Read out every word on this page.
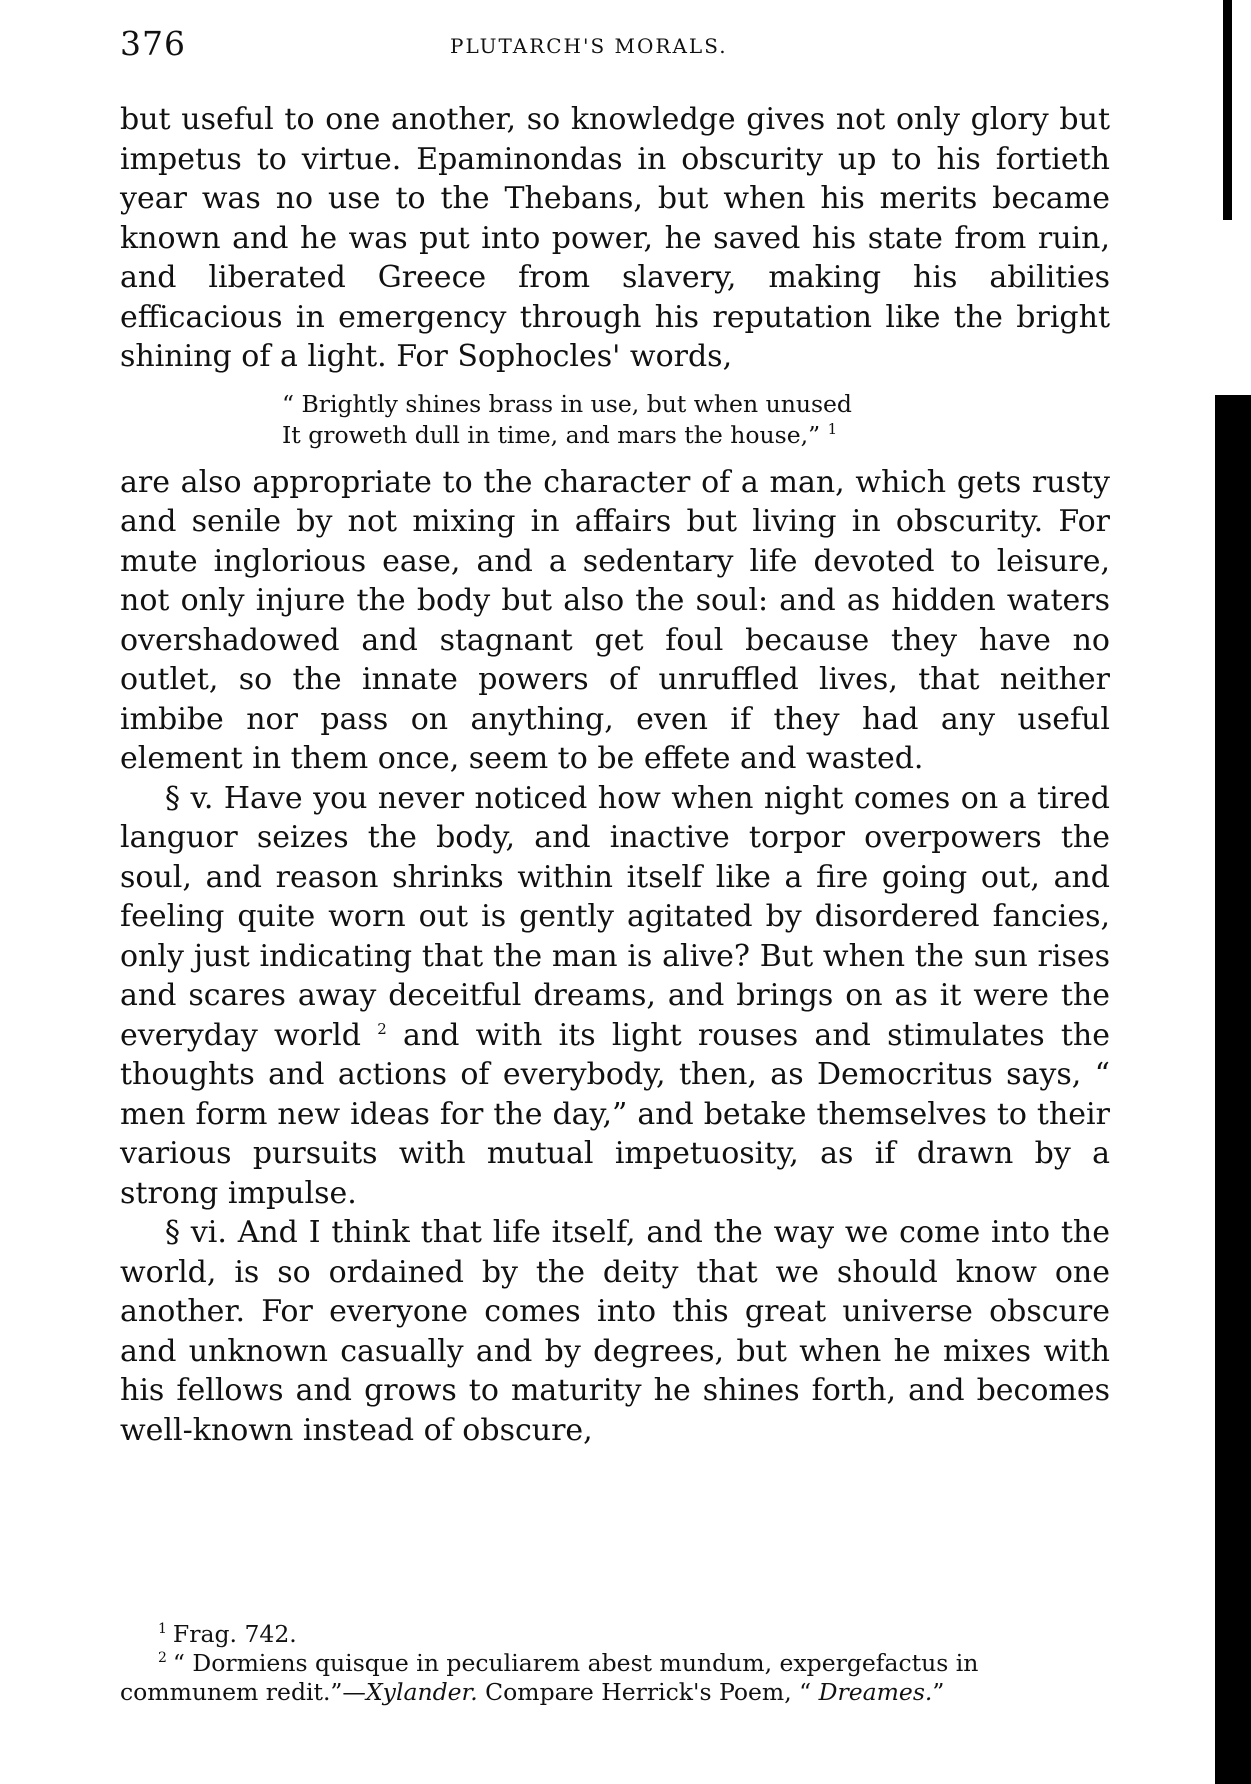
376	PLUTARCH'S MORALS.

but useful to one another, so knowledge gives not only glory but impetus to virtue. Epaminondas in obscurity up to his fortieth year was no use to the Thebans, but when his merits became known and he was put into power, he saved his state from ruin, and liberated Greece from slavery, making his abilities efficacious in emergency through his reputation like the bright shining of a light. For Sophocles' words,

“ Brightly shines brass in use, but when unused
It groweth dull in time, and mars the house,” $^1$

are also appropriate to the character of a man, which gets rusty and senile by not mixing in affairs but living in obscurity. For mute inglorious ease, and a sedentary life devoted to leisure, not only injure the body but also the soul: and as hidden waters overshadowed and stagnant get foul because they have no outlet, so the innate powers of unruffled lives, that neither imbibe nor pass on anything, even if they had any useful element in them once, seem to be effete and wasted.

§ v. Have you never noticed how when night comes on a tired languor seizes the body, and inactive torpor overpowers the soul, and reason shrinks within itself like a fire going out, and feeling quite worn out is gently agitated by disordered fancies, only just indicating that the man is alive? But when the sun rises and scares away deceitful dreams, and brings on as it were the everyday world $^2$ and with its light rouses and stimulates the thoughts and actions of everybody, then, as Democritus says, “ men form new ideas for the day,” and betake themselves to their various pursuits with mutual impetuosity, as if drawn by a strong impulse.

§ vi. And I think that life itself, and the way we come into the world, is so ordained by the deity that we should know one another. For everyone comes into this great universe obscure and unknown casually and by degrees, but when he mixes with his fellows and grows to maturity he shines forth, and becomes well-known instead of obscure,

$^1$ Frag. 742.

$^2$ “ Dormiens quisque in peculiarem abest mundum, expergefactus in communem redit.”—Xylander. Compare Herrick's Poem, “ Dreames.”
